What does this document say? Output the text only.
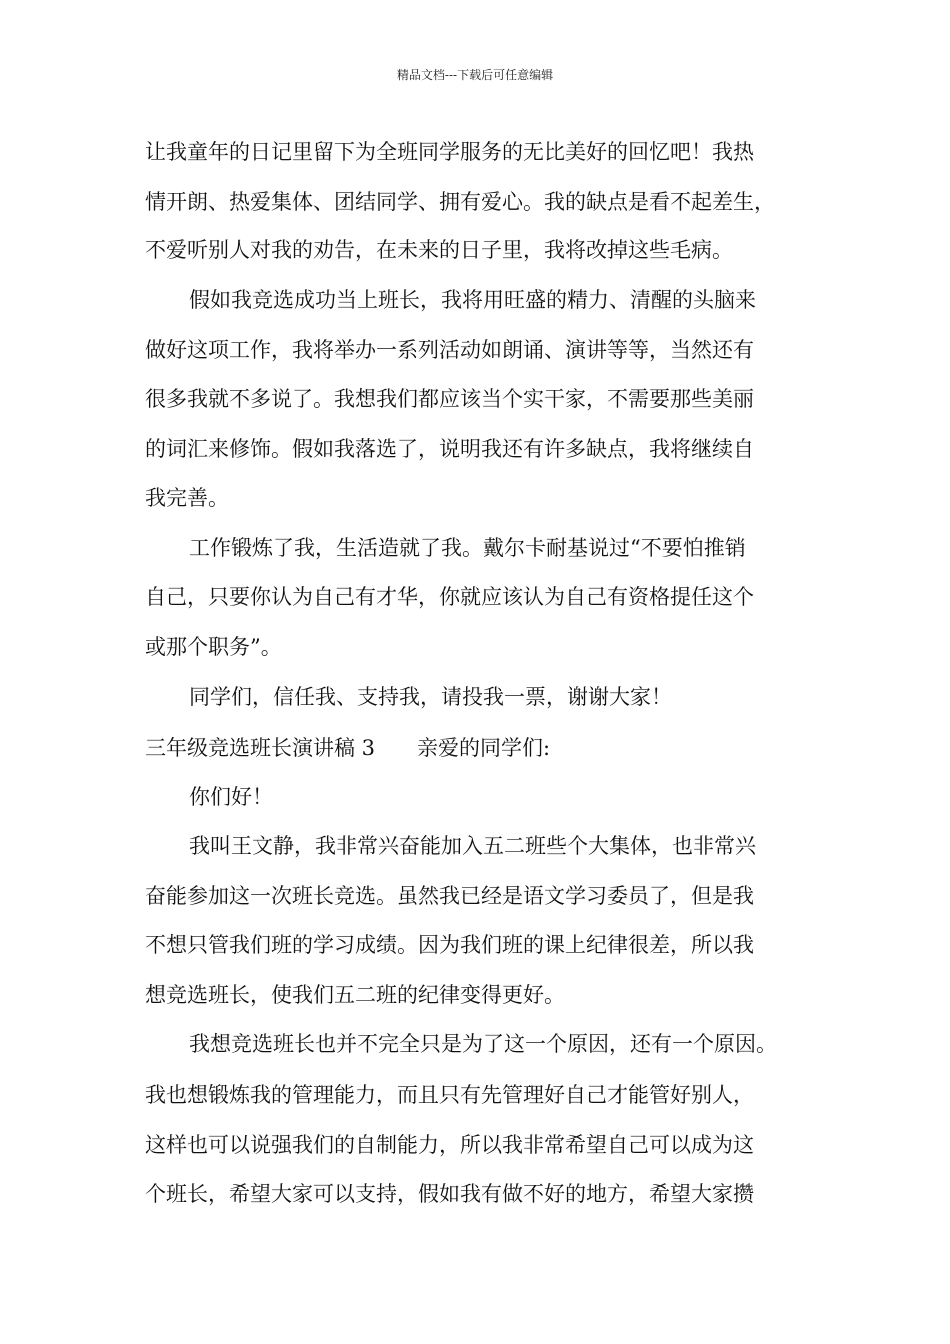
精品文档---下载后可任意编辑
让我童年的日记里留下为全班同学服务的无比美好的回忆吧！我热
情开朗、热爱集体、团结同学、拥有爱心。我的缺点是看不起差生，
不爱听别人对我的劝告，在未来的日子里，我将改掉这些毛病。
假如我竞选成功当上班长，我将用旺盛的精力、清醒的头脑来
做好这项工作，我将举办一系列活动如朗诵、演讲等等，当然还有
很多我就不多说了。我想我们都应该当个实干家，不需要那些美丽
的词汇来修饰。假如我落选了，说明我还有许多缺点，我将继续自
我完善。
工作锻炼了我，生活造就了我。戴尔卡耐基说过“不要怕推销
自己，只要你认为自己有才华，你就应该认为自己有资格提任这个
或那个职务”。
同学们，信任我、支持我，请投我一票，谢谢大家！
三年级竞选班长演讲稿 3　　亲爱的同学们:
你们好！
我叫王文静，我非常兴奋能加入五二班些个大集体，也非常兴
奋能参加这一次班长竞选。虽然我已经是语文学习委员了，但是我
不想只管我们班的学习成绩。因为我们班的课上纪律很差，所以我
想竞选班长，使我们五二班的纪律变得更好。
我想竞选班长也并不完全只是为了这一个原因，还有一个原因。
我也想锻炼我的管理能力，而且只有先管理好自己才能管好别人，
这样也可以说强我们的自制能力，所以我非常希望自己可以成为这
个班长，希望大家可以支持，假如我有做不好的地方，希望大家攒
